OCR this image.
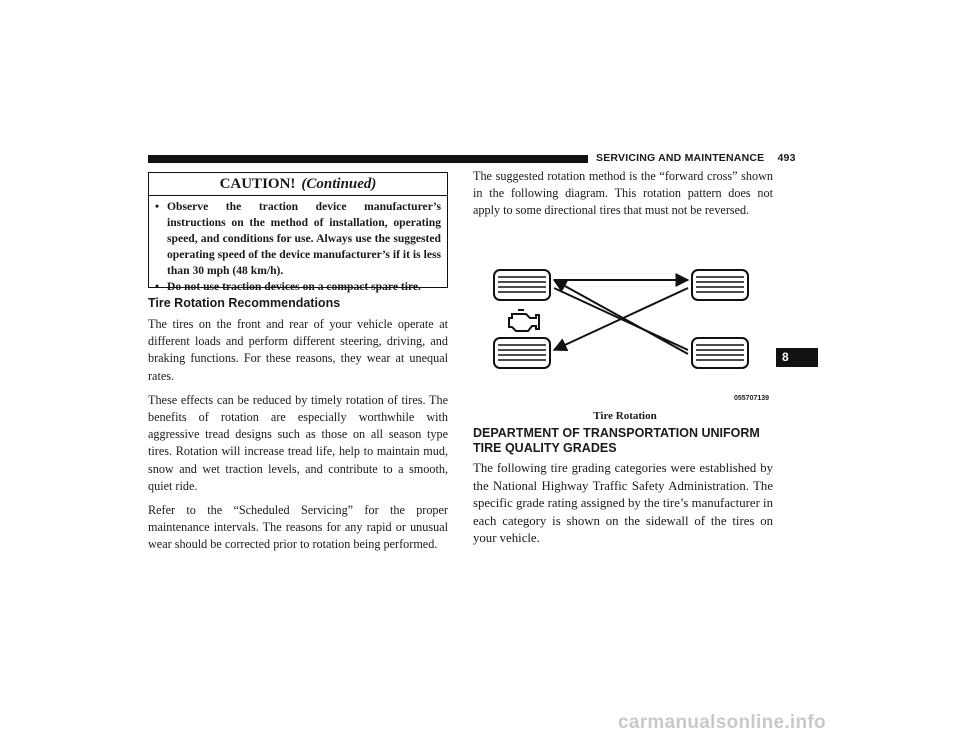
SERVICING AND MAINTENANCE 493
CAUTION! (Continued)
• Observe the traction device manufacturer’s instructions on the method of installation, operating speed, and conditions for use. Always use the suggested operating speed of the device manufacturer’s if it is less than 30 mph (48 km/h).
• Do not use traction devices on a compact spare tire.
Tire Rotation Recommendations

The tires on the front and rear of your vehicle operate at different loads and perform different steering, driving, and braking functions. For these reasons, they wear at unequal rates.

These effects can be reduced by timely rotation of tires. The benefits of rotation are especially worthwhile with aggressive tread designs such as those on all season type tires. Rotation will increase tread life, help to maintain mud, snow and wet traction levels, and contribute to a smooth, quiet ride.

Refer to the “Scheduled Servicing” for the proper maintenance intervals. The reasons for any rapid or unusual wear should be corrected prior to rotation being performed.

The suggested rotation method is the “forward cross” shown in the following diagram. This rotation pattern does not apply to some directional tires that must not be reversed.

055707139
Tire Rotation
DEPARTMENT OF TRANSPORTATION UNIFORM TIRE QUALITY GRADES

The following tire grading categories were established by the National Highway Traffic Safety Administration. The specific grade rating assigned by the tire’s manufacturer in each category is shown on the sidewall of the tires on your vehicle.

8
carmanualsonline.info
